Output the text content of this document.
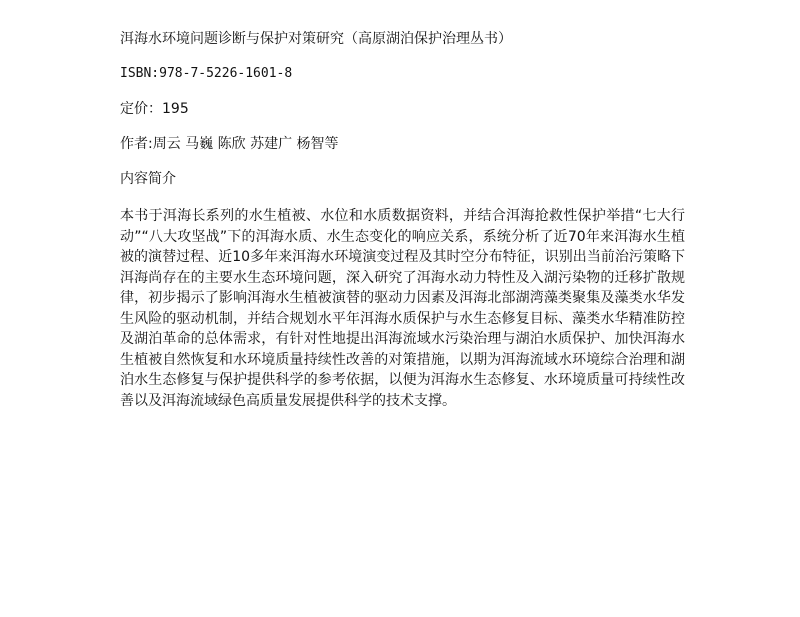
洱海水环境问题诊断与保护对策研究（高原湖泊保护治理丛书）
ISBN:978-7-5226-1601-8
定价：195
作者:周云 马巍 陈欣 苏建广 杨智等
内容简介
本书于洱海长系列的水生植被、水位和水质数据资料，并结合洱海抢救性保护举措“七大行动”“八大攻坚战”下的洱海水质、水生态变化的响应关系，系统分析了近70年来洱海水生植被的演替过程、近10多年来洱海水环境演变过程及其时空分布特征，识别出当前治污策略下洱海尚存在的主要水生态环境问题，深入研究了洱海水动力特性及入湖污染物的迁移扩散规律，初步揭示了影响洱海水生植被演替的驱动力因素及洱海北部湖湾藻类聚集及藻类水华发生风险的驱动机制，并结合规划水平年洱海水质保护与水生态修复目标、藻类水华精准防控及湖泊革命的总体需求，有针对性地提出洱海流域水污染治理与湖泊水质保护、加快洱海水生植被自然恢复和水环境质量持续性改善的对策措施，以期为洱海流域水环境综合治理和湖泊水生态修复与保护提供科学的参考依据，以便为洱海水生态修复、水环境质量可持续性改善以及洱海流域绿色高质量发展提供科学的技术支撑。
